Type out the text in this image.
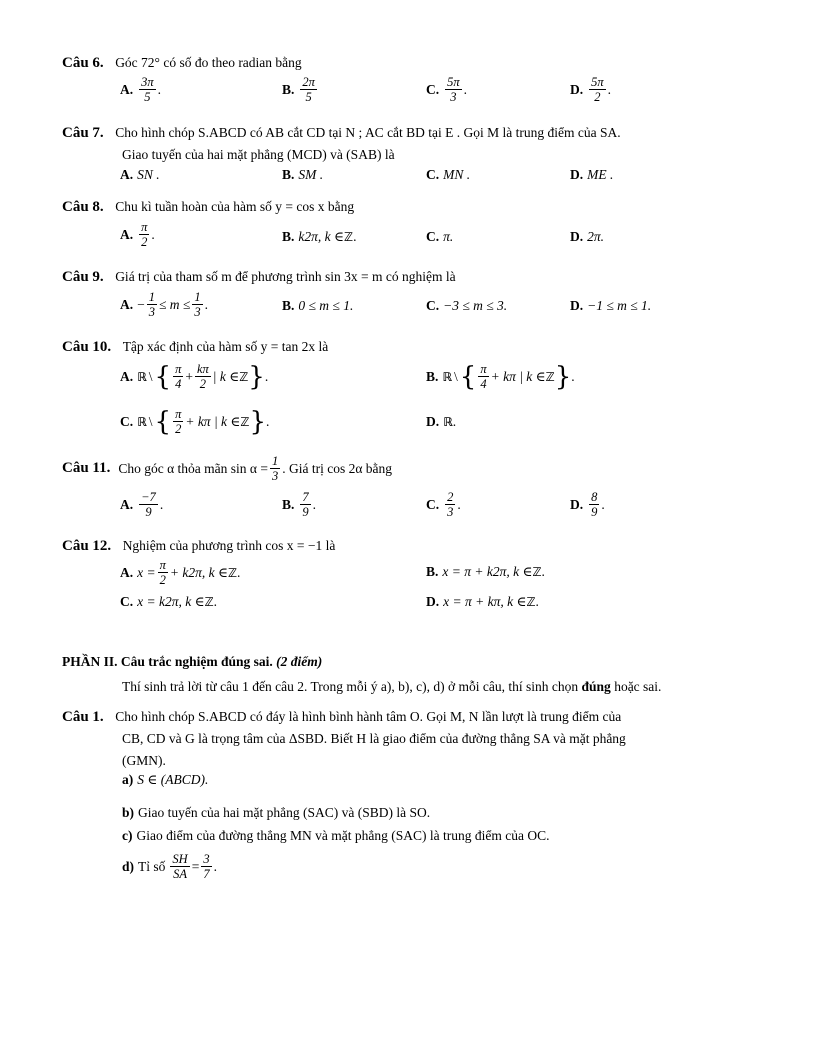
Câu 6. Góc 72° có số đo theo radian bằng
A. $\frac{3\pi}{5}$ .	B. $\frac{2\pi}{5}$	C. $\frac{5\pi}{3}$ .	D. $\frac{5\pi}{2}$ .
Câu 7. Cho hình chóp S.ABCD có AB cắt CD tại N ; AC cắt BD tại E . Gọi M là trung điểm của SA.
Giao tuyến của hai mặt phẳng (MCD) và (SAB) là
A. SN .	B. SM .	C. MN .	D. ME .
Câu 8. Chu kì tuần hoàn của hàm số y = cos x bằng
A. $\frac{\pi}{2}$ .	B. k2π, k ∈ ℤ .	C. π.	D. 2π.
Câu 9. Giá trị của tham số m để phương trình sin 3x = m có nghiệm là
A. − $\frac{1}{3} \le m \le \frac{1}{3}$ .	B. 0 ≤ m ≤ 1.	C. −3 ≤ m ≤ 3.	D. −1 ≤ m ≤ 1.
Câu 10. Tập xác định của hàm số y = tan 2x là
A. ℝ \ { $\frac{\pi}{4} + \frac{k\pi}{2}$ | k ∈ ℤ } .	B. ℝ \ { $\frac{\pi}{4} + k\pi$ | k ∈ ℤ } .
C. ℝ \ { $\frac{\pi}{2} + k\pi$ | k ∈ ℤ } .	D. ℝ .
Câu 11. Cho góc α thỏa mãn $\sin \alpha = \frac{1}{3}$ . Giá trị cos 2α bằng
A. $\frac{-7}{9}$ .	B. $\frac{7}{9}$ .	C. $\frac{2}{3}$ .	D. $\frac{8}{9}$ .
Câu 12. Nghiệm của phương trình cos x = −1 là
A. $x = \frac{\pi}{2} + k2\pi$, k ∈ ℤ .	B. x = π + k2π, k ∈ ℤ .
C. x = k2π, k ∈ ℤ .	D. x = π + kπ, k ∈ ℤ .
PHẦN II. Câu trắc nghiệm đúng sai. (2 điểm)
Thí sinh trả lời từ câu 1 đến câu 2. Trong mỗi ý a), b), c), d) ở mỗi câu, thí sinh chọn đúng hoặc sai.
Câu 1. Cho hình chóp S.ABCD có đáy là hình bình hành tâm O. Gọi M, N lần lượt là trung điểm của
CB, CD và G là trọng tâm của ΔSBD. Biết H là giao điểm của đường thẳng SA và mặt phẳng
(GMN).
a) S ∈ (ABCD).
b) Giao tuyến của hai mặt phẳng (SAC) và (SBD) là SO.
c) Giao điểm của đường thẳng MN và mặt phẳng (SAC) là trung điểm của OC.
d) Tỉ số $\frac{SH}{SA} = \frac{3}{7}$ .
